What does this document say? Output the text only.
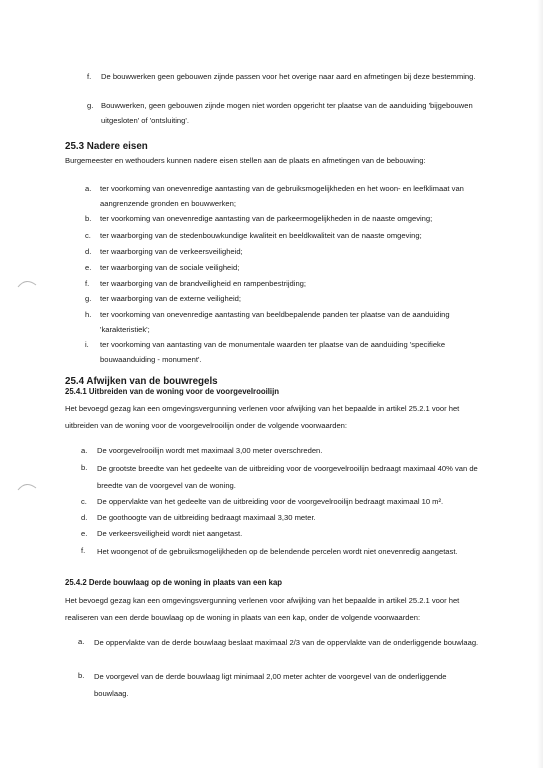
f.	De bouwwerken geen gebouwen zijnde passen voor het overige naar aard en afmetingen bij deze bestemming.
g.	Bouwwerken, geen gebouwen zijnde mogen niet worden opgericht ter plaatse van de aanduiding 'bijgebouwen uitgesloten' of 'ontsluiting'.
25.3 Nadere eisen
Burgemeester en wethouders kunnen nadere eisen stellen aan de plaats en afmetingen van de bebouwing:
a.	ter voorkoming van onevenredige aantasting van de gebruiksmogelijkheden en het woon- en leefklimaat van aangrenzende gronden en bouwwerken;
b.	ter voorkoming van onevenredige aantasting van de parkeermogelijkheden in de naaste omgeving;
c.	ter waarborging van de stedenbouwkundige kwaliteit en beeldkwaliteit van de naaste omgeving;
d.	ter waarborging van de verkeersveiligheid;
e.	ter waarborging van de sociale veiligheid;
f.	ter waarborging van de brandveiligheid en rampenbestrijding;
g.	ter waarborging van de externe veiligheid;
h.	ter voorkoming van onevenredige aantasting van beeldbepalende panden ter plaatse van de aanduiding 'karakteristiek';
i.	ter voorkoming van aantasting van de monumentale waarden ter plaatse van de aanduiding 'specifieke bouwaanduiding - monument'.
25.4 Afwijken van de bouwregels
25.4.1 Uitbreiden van de woning voor de voorgevelrooilijn
Het bevoegd gezag kan een omgevingsvergunning verlenen voor afwijking van het bepaalde in artikel 25.2.1 voor het uitbreiden van de woning voor de voorgevelrooilijn onder de volgende voorwaarden:
a.	De voorgevelrooilijn wordt met maximaal 3,00 meter overschreden.
b.	De grootste breedte van het gedeelte van de uitbreiding voor de voorgevelrooilijn bedraagt maximaal 40% van de breedte van de voorgevel van de woning.
c.	De oppervlakte van het gedeelte van de uitbreiding voor de voorgevelrooilijn bedraagt maximaal 10 m².
d.	De goothoogte van de uitbreiding bedraagt maximaal 3,30 meter.
e.	De verkeersveiligheid wordt niet aangetast.
f.	Het woongenot of de gebruiksmogelijkheden op de belendende percelen wordt niet onevenredig aangetast.
25.4.2 Derde bouwlaag op de woning in plaats van een kap
Het bevoegd gezag kan een omgevingsvergunning verlenen voor afwijking van het bepaalde in artikel 25.2.1 voor het realiseren van een derde bouwlaag op de woning in plaats van een kap, onder de volgende voorwaarden:
a.	De oppervlakte van de derde bouwlaag beslaat maximaal 2/3 van de oppervlakte van de onderliggende bouwlaag.
b.	De voorgevel van de derde bouwlaag ligt minimaal 2,00 meter achter de voorgevel van de onderliggende bouwlaag.
